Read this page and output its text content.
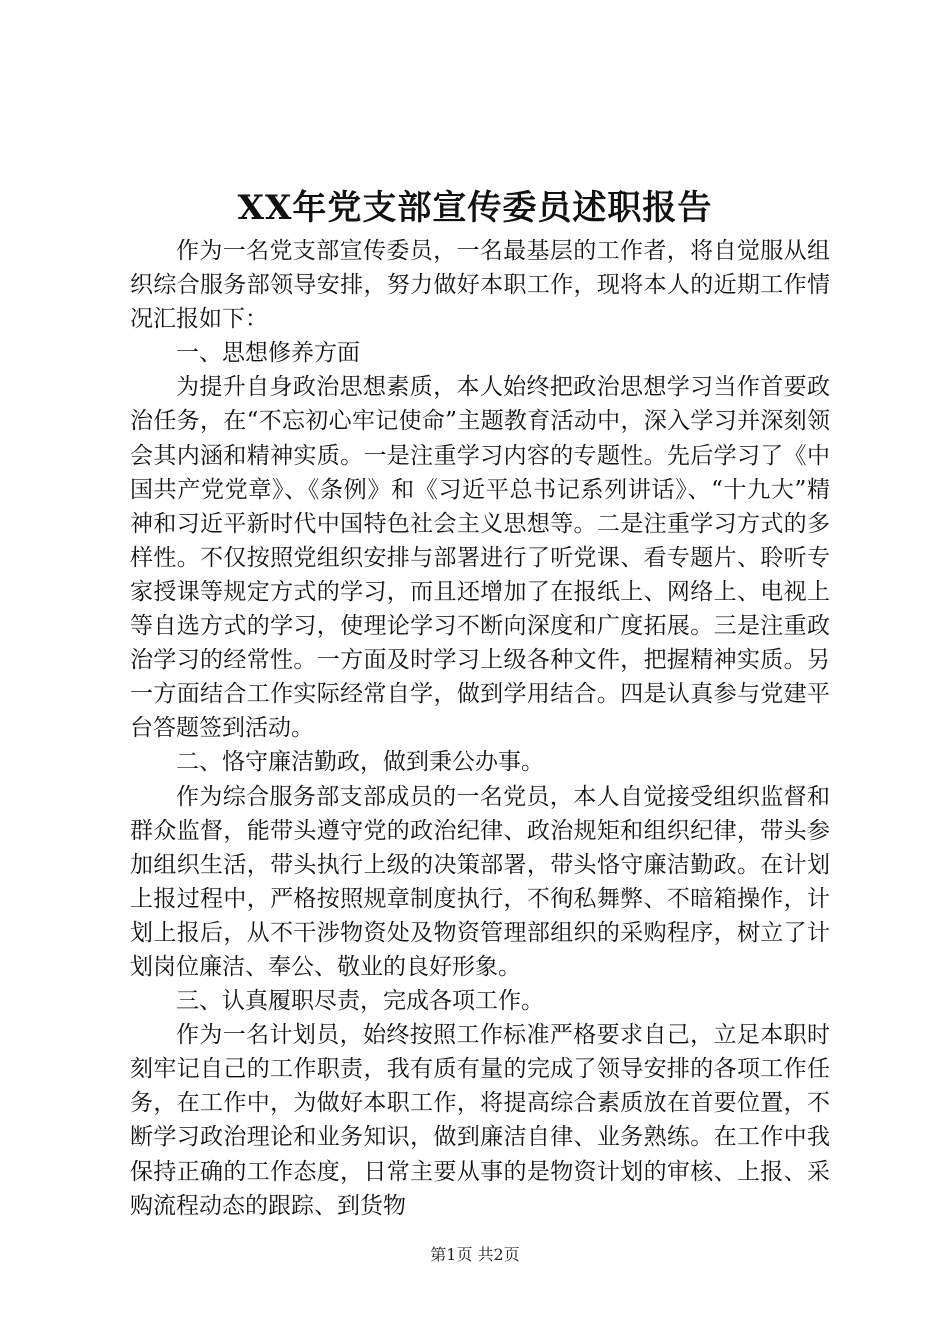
XX年党支部宣传委员述职报告

作为一名党支部宣传委员，一名最基层的工作者，将自觉服从组织综合服务部领导安排，努力做好本职工作，现将本人的近期工作情况汇报如下：

一、思想修养方面

为提升自身政治思想素质，本人始终把政治思想学习当作首要政治任务，在“不忘初心牢记使命”主题教育活动中，深入学习并深刻领会其内涵和精神实质。一是注重学习内容的专题性。先后学习了《中国共产党党章》、《条例》和《习近平总书记系列讲话》、“十九大”精神和习近平新时代中国特色社会主义思想等。二是注重学习方式的多样性。不仅按照党组织安排与部署进行了听党课、看专题片、聆听专家授课等规定方式的学习，而且还增加了在报纸上、网络上、电视上等自选方式的学习，使理论学习不断向深度和广度拓展。三是注重政治学习的经常性。一方面及时学习上级各种文件，把握精神实质。另一方面结合工作实际经常自学，做到学用结合。四是认真参与党建平台答题签到活动。

二、恪守廉洁勤政，做到秉公办事。

作为综合服务部支部成员的一名党员，本人自觉接受组织监督和群众监督，能带头遵守党的政治纪律、政治规矩和组织纪律，带头参加组织生活，带头执行上级的决策部署，带头恪守廉洁勤政。在计划上报过程中，严格按照规章制度执行，不徇私舞弊、不暗箱操作，计划上报后，从不干涉物资处及物资管理部组织的采购程序，树立了计划岗位廉洁、奉公、敬业的良好形象。

三、认真履职尽责，完成各项工作。

作为一名计划员，始终按照工作标准严格要求自己，立足本职时刻牢记自己的工作职责，我有质有量的完成了领导安排的各项工作任务，在工作中，为做好本职工作，将提高综合素质放在首要位置，不断学习政治理论和业务知识，做到廉洁自律、业务熟练。在工作中我保持正确的工作态度，日常主要从事的是物资计划的审核、上报、采购流程动态的跟踪、到货物

第1页 共2页
